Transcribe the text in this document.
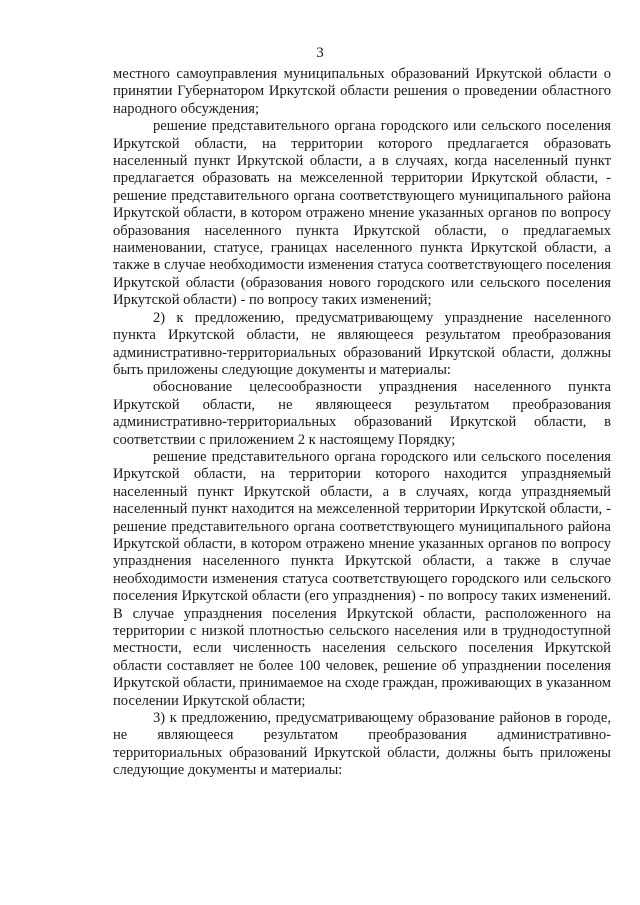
3

местного самоуправления муниципальных образований Иркутской области о принятии Губернатором Иркутской области решения о проведении областного народного обсуждения;

решение представительного органа городского или сельского поселения Иркутской области, на территории которого предлагается образовать населенный пункт Иркутской области, а в случаях, когда населенный пункт предлагается образовать на межселенной территории Иркутской области, - решение представительного органа соответствующего муниципального района Иркутской области, в котором отражено мнение указанных органов по вопросу образования населенного пункта Иркутской области, о предлагаемых наименовании, статусе, границах населенного пункта Иркутской области, а также в случае необходимости изменения статуса соответствующего поселения Иркутской области (образования нового городского или сельского поселения Иркутской области) - по вопросу таких изменений;

2) к предложению, предусматривающему упразднение населенного пункта Иркутской области, не являющееся результатом преобразования административно-территориальных образований Иркутской области, должны быть приложены следующие документы и материалы:

обоснование целесообразности упразднения населенного пункта Иркутской области, не являющееся результатом преобразования административно-территориальных образований Иркутской области, в соответствии с приложением 2 к настоящему Порядку;

решение представительного органа городского или сельского поселения Иркутской области, на территории которого находится упраздняемый населенный пункт Иркутской области, а в случаях, когда упраздняемый населенный пункт находится на межселенной территории Иркутской области, - решение представительного органа соответствующего муниципального района Иркутской области, в котором отражено мнение указанных органов по вопросу упразднения населенного пункта Иркутской области, а также в случае необходимости изменения статуса соответствующего городского или сельского поселения Иркутской области (его упразднения) - по вопросу таких изменений. В случае упразднения поселения Иркутской области, расположенного на территории с низкой плотностью сельского населения или в труднодоступной местности, если численность населения сельского поселения Иркутской области составляет не более 100 человек, решение об упразднении поселения Иркутской области, принимаемое на сходе граждан, проживающих в указанном поселении Иркутской области;

3) к предложению, предусматривающему образование районов в городе, не являющееся результатом преобразования административно-территориальных образований Иркутской области, должны быть приложены следующие документы и материалы:
